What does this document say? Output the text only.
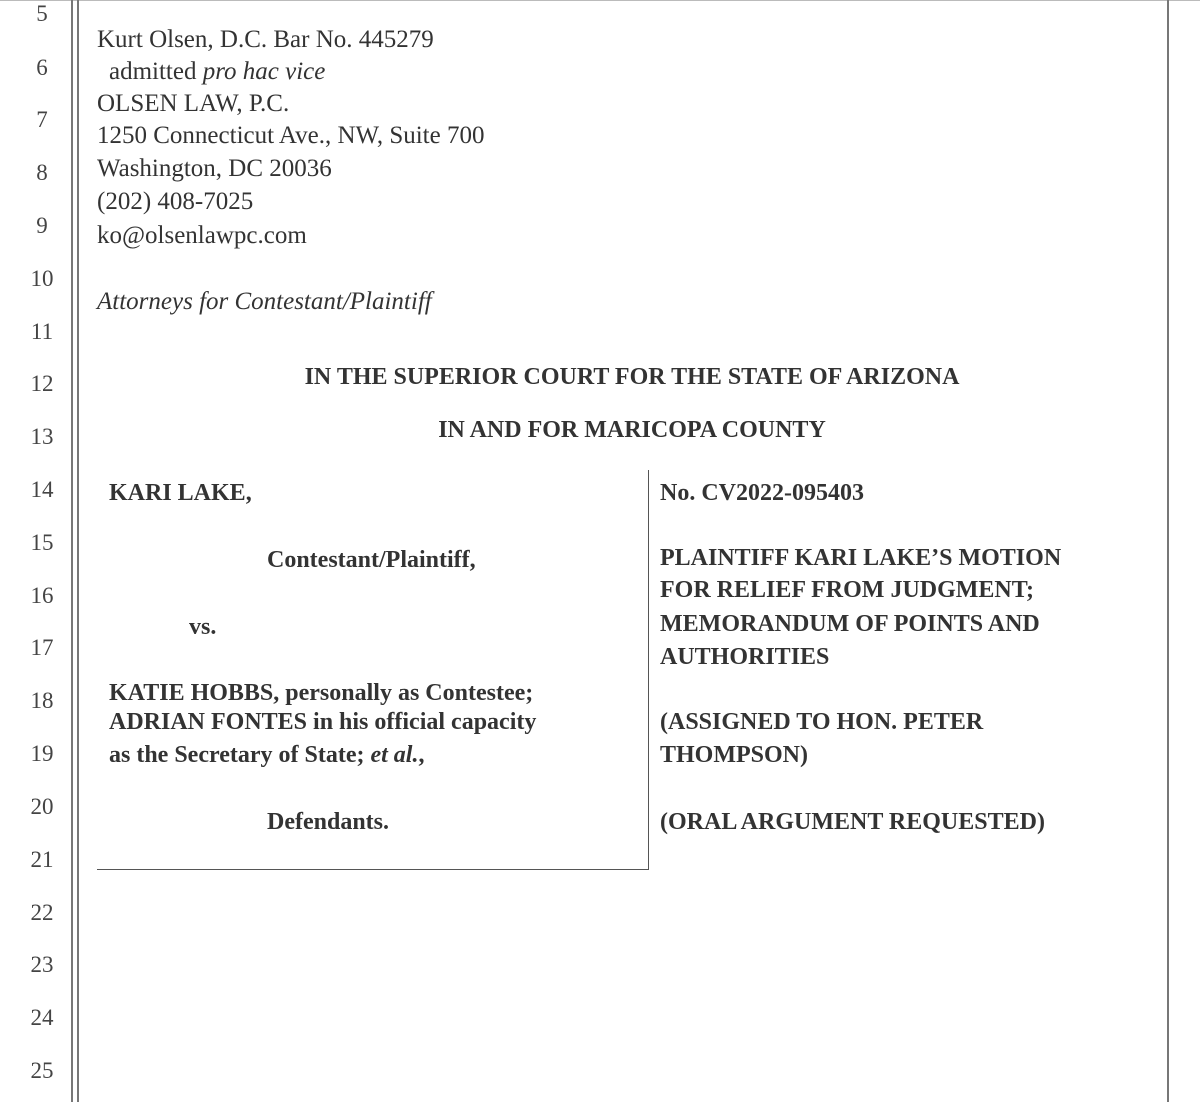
5
6
7
8
9
10
11
12
13
14
15
16
17
18
19
20
21
22
23
24
25
Kurt Olsen, D.C. Bar No. 445279
admitted pro hac vice
OLSEN LAW, P.C.
1250 Connecticut Ave., NW, Suite 700
Washington, DC 20036
(202) 408-7025
ko@olsenlawpc.com
Attorneys for Contestant/Plaintiff
IN THE SUPERIOR COURT FOR THE STATE OF ARIZONA
IN AND FOR MARICOPA COUNTY
KARI LAKE,
Contestant/Plaintiff,
vs.
KATIE HOBBS, personally as Contestee;
ADRIAN FONTES in his official capacity
as the Secretary of State; et al.,
Defendants.
No. CV2022-095403
PLAINTIFF KARI LAKE’S MOTION
FOR RELIEF FROM JUDGMENT;
MEMORANDUM OF POINTS AND
AUTHORITIES
(ASSIGNED TO HON. PETER
THOMPSON)
(ORAL ARGUMENT REQUESTED)
